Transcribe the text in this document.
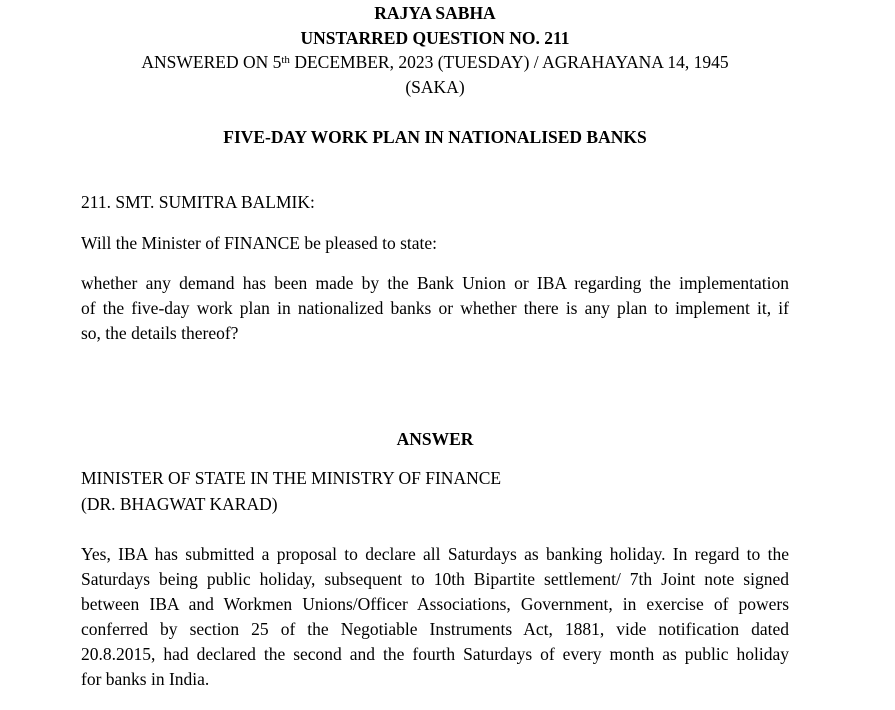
RAJYA SABHA
UNSTARRED QUESTION NO. 211
ANSWERED ON 5th DECEMBER, 2023 (TUESDAY) / AGRAHAYANA 14, 1945
(SAKA)
FIVE-DAY WORK PLAN IN NATIONALISED BANKS
211. SMT. SUMITRA BALMIK:
Will the Minister of FINANCE be pleased to state:
whether any demand has been made by the Bank Union or IBA regarding the implementation
of the five-day work plan in nationalized banks or whether there is any plan to implement it, if
so, the details thereof?
ANSWER
MINISTER OF STATE IN THE MINISTRY OF FINANCE
(DR. BHAGWAT KARAD)
Yes, IBA has submitted a proposal to declare all Saturdays as banking holiday. In regard to the
Saturdays being public holiday, subsequent to 10th Bipartite settlement/ 7th Joint note signed
between IBA and Workmen Unions/Officer Associations, Government, in exercise of powers
conferred by section 25 of the Negotiable Instruments Act, 1881, vide notification dated
20.8.2015, had declared the second and the fourth Saturdays of every month as public holiday
for banks in India.
